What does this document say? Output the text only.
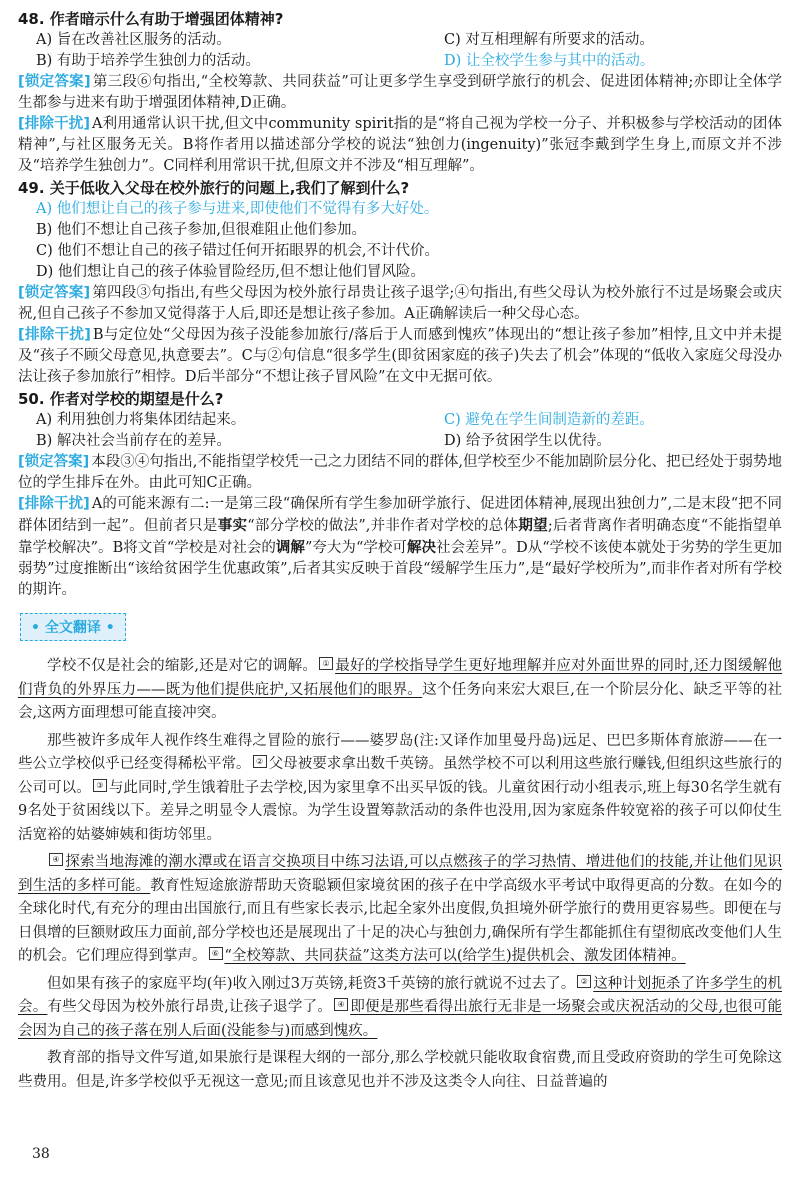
48. 作者暗示什么有助于增强团体精神?
A) 旨在改善社区服务的活动。	C) 对互相理解有所要求的活动。
B) 有助于培养学生独创力的活动。	D) 让全校学生参与其中的活动。
[锁定答案] 第三段⑥句指出,“全校筹款、共同获益”可让更多学生享受到研学旅行的机会、促进团体精神;亦即让全体学生都参与进来有助于增强团体精神,D正确。
[排除干扰] A利用通常认识干扰,但文中community spirit指的是“将自己视为学校一分子、并积极参与学校活动的团体精神”,与社区服务无关。B将作者用以描述部分学校的说法“独创力(ingenuity)”张冠李戴到学生身上,而原文并不涉及“培养学生独创力”。C同样利用常识干扰,但原文并不涉及“相互理解”。
49. 关于低收入父母在校外旅行的问题上,我们了解到什么?
A) 他们想让自己的孩子参与进来,即使他们不觉得有多大好处。
B) 他们不想让自己孩子参加,但很难阻止他们参加。
C) 他们不想让自己的孩子错过任何开拓眼界的机会,不计代价。
D) 他们想让自己的孩子体验冒险经历,但不想让他们冒风险。
[锁定答案] 第四段③句指出,有些父母因为校外旅行昂贵让孩子退学;④句指出,有些父母认为校外旅行不过是场聚会或庆祝,但自己孩子不参加又觉得落于人后,即还是想让孩子参加。A正确解读后一种父母心态。
[排除干扰] B与定位处“父母因为孩子没能参加旅行/落后于人而感到愧疚”体现出的“想让孩子参加”相悖,且文中并未提及“孩子不顾父母意见,执意要去”。C与②句信息“很多学生(即贫困家庭的孩子)失去了机会”体现的“低收入家庭父母没办法让孩子参加旅行”相悖。D后半部分“不想让孩子冒风险”在文中无据可依。
50. 作者对学校的期望是什么?
A) 利用独创力将集体团结起来。	C) 避免在学生间制造新的差距。
B) 解决社会当前存在的差异。	D) 给予贫困学生以优待。
[锁定答案] 本段③④句指出,不能指望学校凭一己之力团结不同的群体,但学校至少不能加剧阶层分化、把已经处于弱势地位的学生排斥在外。由此可知C正确。
[排除干扰] A的可能来源有二:一是第三段“确保所有学生参加研学旅行、促进团体精神,展现出独创力”,二是末段“把不同群体团结到一起”。但前者只是事实“部分学校的做法”,并非作者对学校的总体期望;后者背离作者明确态度“不能指望单靠学校解决”。B将文首“学校是对社会的调解”夸大为“学校可解决社会差异”。D从“学校不该使本就处于劣势的学生更加弱势”过度推断出“该给贫困学生优惠政策”,后者其实反映于首段“缓解学生压力”,是“最好学校所为”,而非作者对所有学校的期许。
• 全文翻译 •

学校不仅是社会的缩影,还是对它的调解。 ① 最好的学校指导学生更好地理解并应对外面世界的同时,还力图缓解他们背负的外界压力——既为他们提供庇护,又拓展他们的眼界。这个任务向来宏大艰巨,在一个阶层分化、缺乏平等的社会,这两方面理想可能直接冲突。

那些被许多成年人视作终生难得之冒险的旅行——婆罗岛(注:又译作加里曼丹岛)远足、巴巴多斯体育旅游——在一些公立学校似乎已经变得稀松平常。 ② 父母被要求拿出数千英镑。虽然学校不可以利用这些旅行赚钱,但组织这些旅行的公司可以。 ③ 与此同时,学生饿着肚子去学校,因为家里拿不出买早饭的钱。儿童贫困行动小组表示,班上每30名学生就有9名处于贫困线以下。差异之明显令人震惊。为学生设置筹款活动的条件也没用,因为家庭条件较宽裕的孩子可以仰仗生活宽裕的姑婆婶姨和街坊邻里。

④ 探索当地海滩的潮水潭或在语言交换项目中练习法语,可以点燃孩子的学习热情、增进他们的技能,并让他们见识到生活的多样可能。教育性短途旅游帮助天资聪颖但家境贫困的孩子在中学高级水平考试中取得更高的分数。在如今的全球化时代,有充分的理由出国旅行,而且有些家长表示,比起全家外出度假,负担境外研学旅行的费用更容易些。即便在与日俱增的巨额财政压力面前,部分学校也还是展现出了十足的决心与独创力,确保所有学生都能抓住有望彻底改变他们人生的机会。它们理应得到掌声。 ⑥ “全校筹款、共同获益”这类方法可以(给学生)提供机会、激发团体精神。

但如果有孩子的家庭平均(年)收入刚过3万英镑,耗资3千英镑的旅行就说不过去了。 ② 这种计划扼杀了许多学生的机会。有些父母因为校外旅行昂贵,让孩子退学了。 ④ 即便是那些看得出旅行无非是一场聚会或庆祝活动的父母,也很可能会因为自己的孩子落在别人后面(没能参与)而感到愧疚。

教育部的指导文件写道,如果旅行是课程大纲的一部分,那么学校就只能收取食宿费,而且受政府资助的学生可免除这些费用。但是,许多学校似乎无视这一意见;而且该意见也并不涉及这类令人向往、日益普遍的

38
